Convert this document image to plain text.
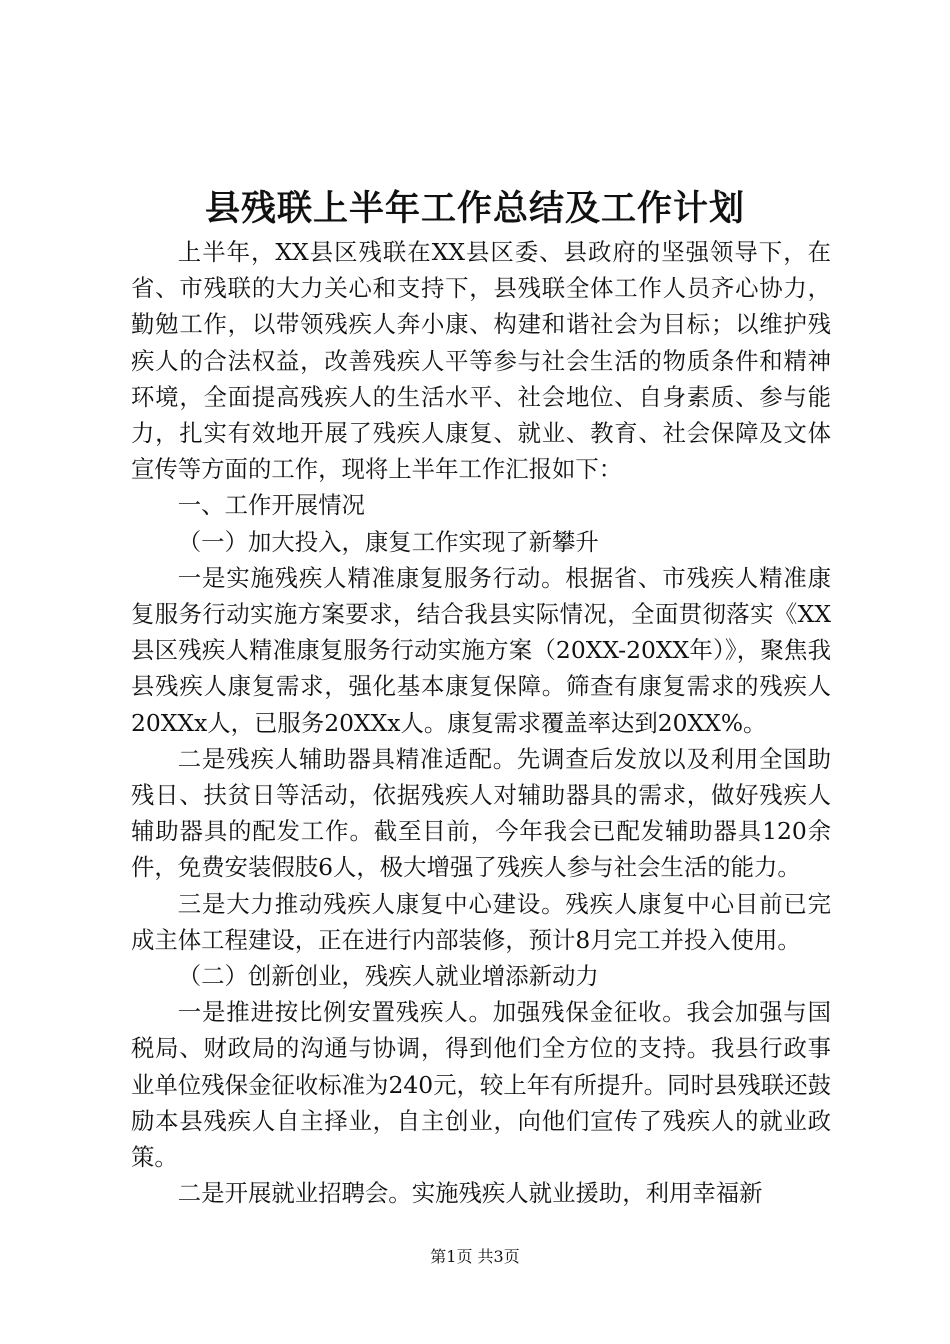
县残联上半年工作总结及工作计划

上半年，XX县区残联在XX县区委、县政府的坚强领导下，在省、市残联的大力关心和支持下，县残联全体工作人员齐心协力，勤勉工作，以带领残疾人奔小康、构建和谐社会为目标；以维护残疾人的合法权益，改善残疾人平等参与社会生活的物质条件和精神环境，全面提高残疾人的生活水平、社会地位、自身素质、参与能力，扎实有效地开展了残疾人康复、就业、教育、社会保障及文体宣传等方面的工作，现将上半年工作汇报如下：

一、工作开展情况

（一）加大投入，康复工作实现了新攀升

一是实施残疾人精准康复服务行动。根据省、市残疾人精准康复服务行动实施方案要求，结合我县实际情况，全面贯彻落实《XX县区残疾人精准康复服务行动实施方案（20XX-20XX年）》，聚焦我县残疾人康复需求，强化基本康复保障。筛查有康复需求的残疾人20XXx人，已服务20XXx人。康复需求覆盖率达到20XX%。

二是残疾人辅助器具精准适配。先调查后发放以及利用全国助残日、扶贫日等活动，依据残疾人对辅助器具的需求，做好残疾人辅助器具的配发工作。截至目前，今年我会已配发辅助器具120余件，免费安装假肢6人，极大增强了残疾人参与社会生活的能力。

三是大力推动残疾人康复中心建设。残疾人康复中心目前已完成主体工程建设，正在进行内部装修，预计8月完工并投入使用。

（二）创新创业，残疾人就业增添新动力

一是推进按比例安置残疾人。加强残保金征收。我会加强与国税局、财政局的沟通与协调，得到他们全方位的支持。我县行政事业单位残保金征收标准为240元，较上年有所提升。同时县残联还鼓励本县残疾人自主择业，自主创业，向他们宣传了残疾人的就业政策。

二是开展就业招聘会。实施残疾人就业援助，利用幸福新

第1页 共3页
